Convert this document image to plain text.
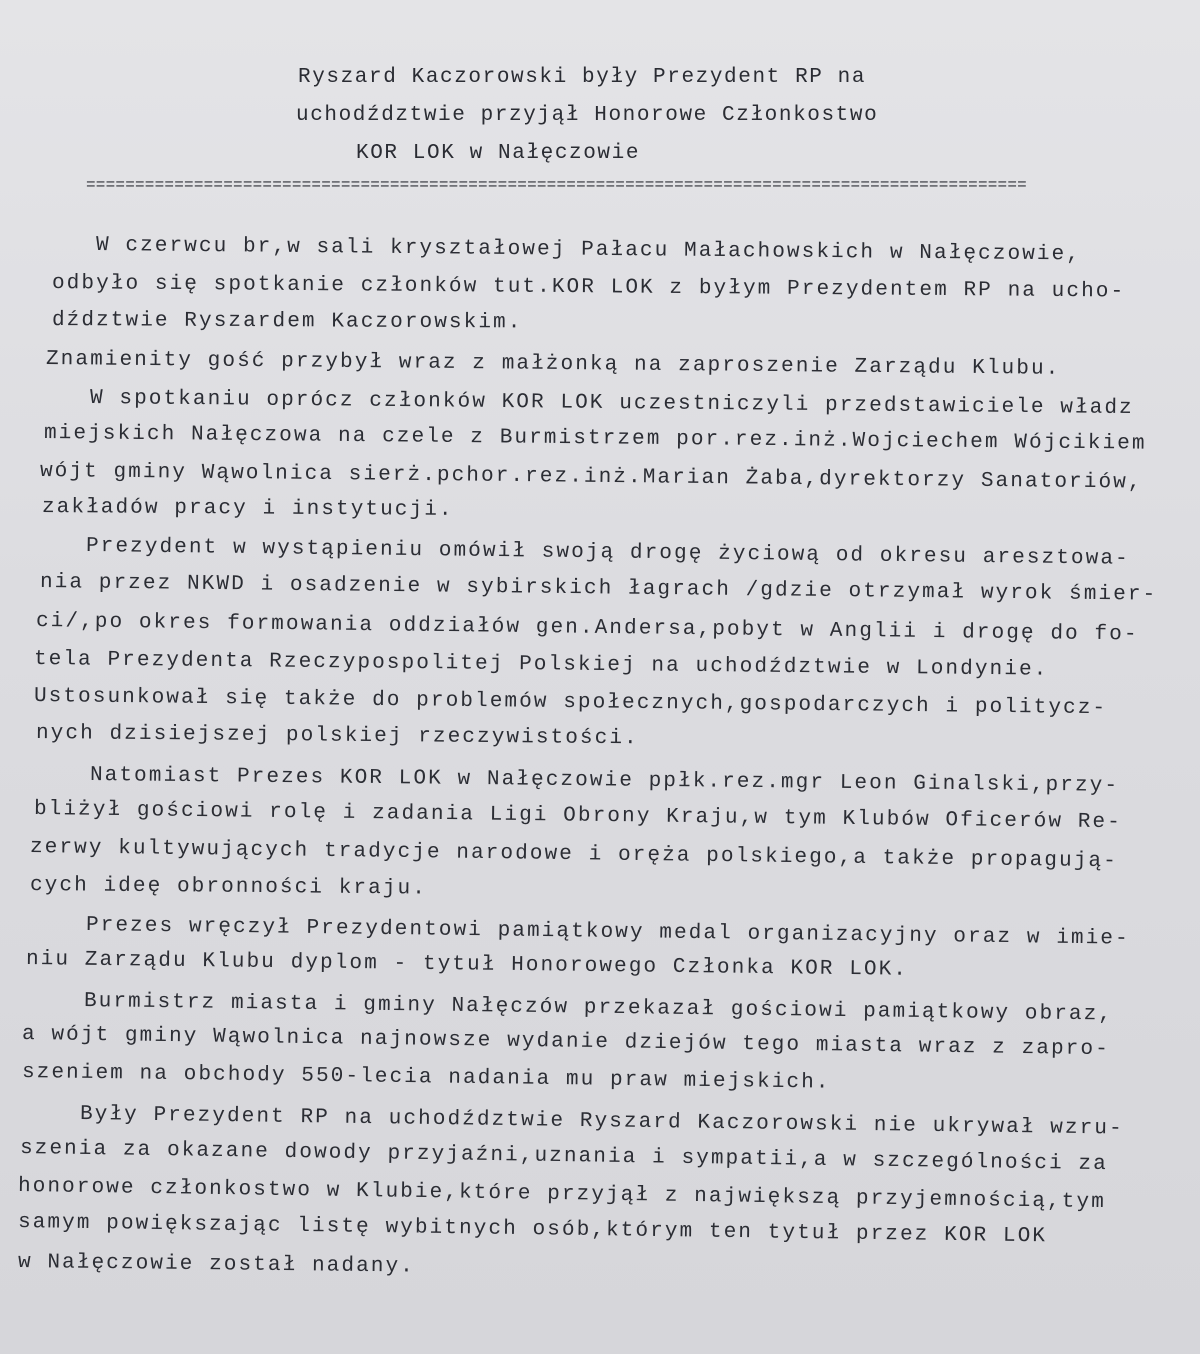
Ryszard Kaczorowski były Prezydent RP na
uchodźdztwie przyjął Honorowe Członkostwo
KOR LOK w Nałęczowie
================================================================================================
W czerwcu br,w sali kryształowej Pałacu Małachowskich w Nałęczowie,
odbyło się spotkanie członków tut.KOR LOK z byłym Prezydentem RP na ucho-
dźdztwie Ryszardem Kaczorowskim.
Znamienity gość przybył wraz z małżonką na zaproszenie Zarządu Klubu.
W spotkaniu oprócz członków KOR LOK uczestniczyli przedstawiciele władz
miejskich Nałęczowa na czele z Burmistrzem por.rez.inż.Wojciechem Wójcikiem
wójt gminy Wąwolnica sierż.pchor.rez.inż.Marian Żaba,dyrektorzy Sanatoriów,
zakładów pracy i instytucji.
Prezydent w wystąpieniu omówił swoją drogę życiową od okresu aresztowa-
nia przez NKWD i osadzenie w sybirskich łagrach /gdzie otrzymał wyrok śmier-
ci/,po okres formowania oddziałów gen.Andersa,pobyt w Anglii i drogę do fo-
tela Prezydenta Rzeczypospolitej Polskiej na uchodźdztwie w Londynie.
Ustosunkował się także do problemów społecznych,gospodarczych i politycz-
nych dzisiejszej polskiej rzeczywistości.
Natomiast Prezes KOR LOK w Nałęczowie ppłk.rez.mgr Leon Ginalski,przy-
bliżył gościowi rolę i zadania Ligi Obrony Kraju,w tym Klubów Oficerów Re-
zerwy kultywujących tradycje narodowe i oręża polskiego,a także propagują-
cych ideę obronności kraju.
Prezes wręczył Prezydentowi pamiątkowy medal organizacyjny oraz w imie-
niu Zarządu Klubu dyplom - tytuł Honorowego Członka KOR LOK.
Burmistrz miasta i gminy Nałęczów przekazał gościowi pamiątkowy obraz,
a wójt gminy Wąwolnica najnowsze wydanie dziejów tego miasta wraz z zapro-
szeniem na obchody 550-lecia nadania mu praw miejskich.
Były Prezydent RP na uchodźdztwie Ryszard Kaczorowski nie ukrywał wzru-
szenia za okazane dowody przyjaźni,uznania i sympatii,a w szczególności za
honorowe członkostwo w Klubie,które przyjął z największą przyjemnością,tym
samym powiększając listę wybitnych osób,którym ten tytuł przez KOR LOK
w Nałęczowie został nadany.
